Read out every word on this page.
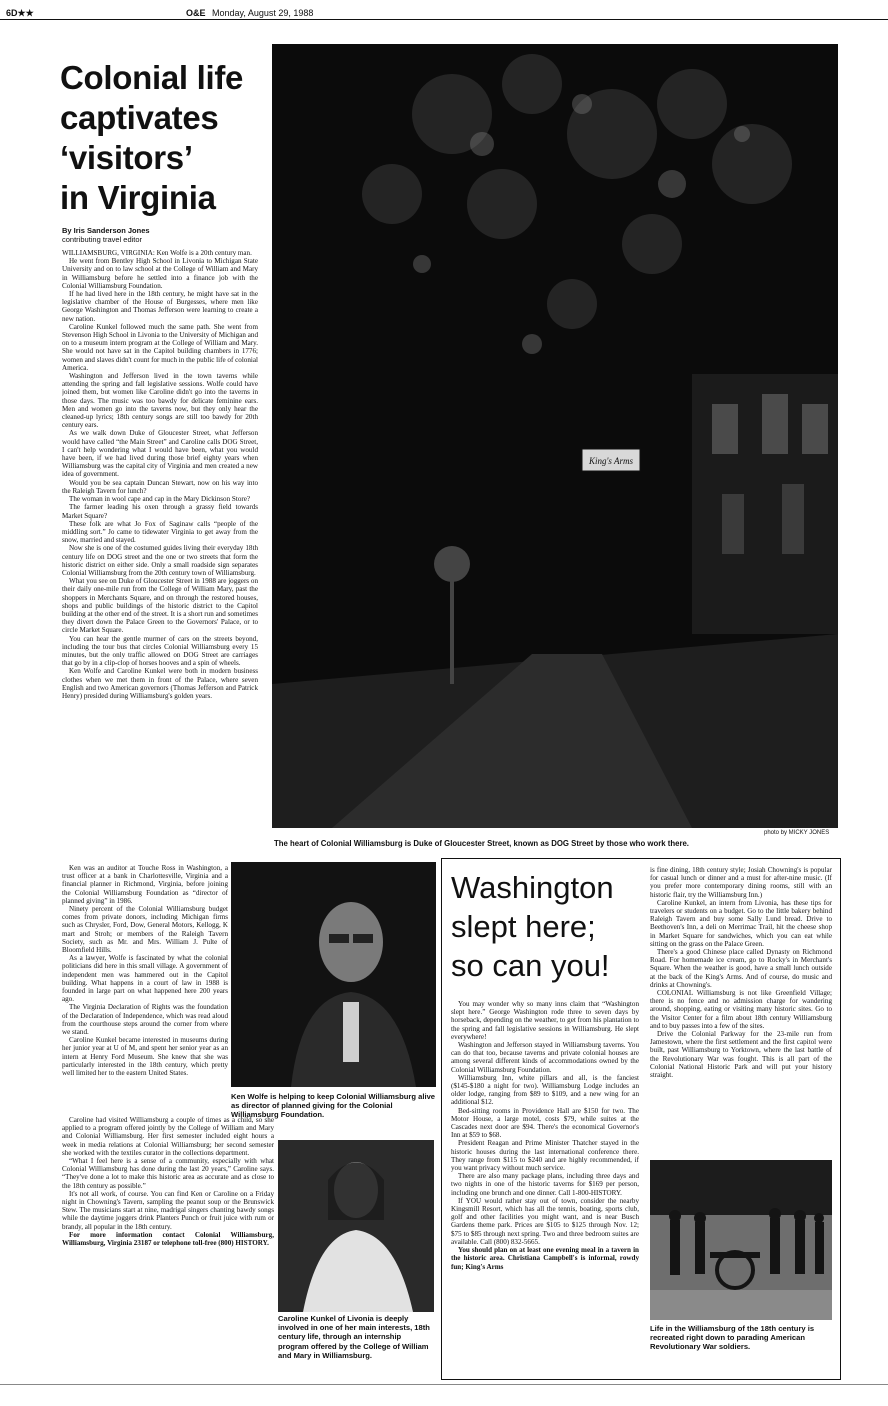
6D★★	O&E Monday, August 29, 1988
Colonial life
captivates
‘visitors’
in Virginia
By Iris Sanderson Jones
contributing travel editor

WILLIAMSBURG, VIRGINIA: Ken Wolfe is a 20th century man.

He went from Bentley High School in Livonia to Michigan State University and on to law school at the College of William and Mary in Williamsburg before he settled into a finance job with the Colonial Williamsburg Foundation.

If he had lived here in the 18th century, he might have sat in the legislative chamber of the House of Burgesses, where men like George Washington and Thomas Jefferson were learning to create a new nation.

Caroline Kunkel followed much the same path. She went from Stevenson High School in Livonia to the University of Michigan and on to a museum intern program at the College of William and Mary. She would not have sat in the Capitol building chambers in 1776; women and slaves didn't count for much in the public life of colonial America.

Washington and Jefferson lived in the town taverns while attending the spring and fall legislative sessions. Wolfe could have joined them, but women like Caroline didn't go into the taverns in those days. The music was too bawdy for delicate feminine ears. Men and women go into the taverns now, but they only hear the cleaned-up lyrics; 18th century songs are still too bawdy for 20th century ears.

As we walk down Duke of Gloucester Street, what Jefferson would have called “the Main Street” and Caroline calls DOG Street, I can't help wondering what I would have been, what you would have been, if we had lived during those brief eighty years when Williamsburg was the capital city of Virginia and men created a new idea of government.

Would you be sea captain Duncan Stewart, now on his way into the Raleigh Tavern for lunch?

The woman in wool cape and cap in the Mary Dickinson Store?

The farmer leading his oxen through a grassy field towards Market Square?

These folk are what Jo Fox of Saginaw calls “people of the middling sort.” Jo came to tidewater Virginia to get away from the snow, married and stayed.

Now she is one of the costumed guides living their everyday 18th century life on DOG street and the one or two streets that form the historic district on either side. Only a small roadside sign separates Colonial Williamsburg from the 20th century town of Williamsburg.

What you see on Duke of Gloucester Street in 1988 are joggers on their daily one-mile run from the College of William Mary, past the shoppers in Merchants Square, and on through the restored houses, shops and public buildings of the historic district to the Capitol building at the other end of the street. It is a short run and sometimes they divert down the Palace Green to the Governors' Palace, or to circle Market Square.

You can hear the gentle murmer of cars on the streets beyond, including the tour bus that circles Colonial Williamsburg every 15 minutes, but the only traffic allowed on DOG Street are carriages that go by in a clip-clop of horses hooves and a spin of wheels.

Ken Wolfe and Caroline Kunkel were both in modern business clothes when we met them in front of the Palace, where seven English and two American governors (Thomas Jefferson and Patrick Henry) presided during Williamsburg's golden years.

Ken was an auditor at Touche Ross in Washington, a trust officer at a bank in Charlottesville, Virginia and a financial planner in Richmond, Virginia, before joining the Colonial Williamsburg Foundation as “director of planned giving” in 1986.

Ninety percent of the Colonial Williamsburg budget comes from private donors, including Michigan firms such as Chrysler, Ford, Dow, General Motors, Kellogg, K mart and Stroh; or members of the Raleigh Tavern Society, such as Mr. and Mrs. William J. Pulte of Bloomfield Hills.

As a lawyer, Wolfe is fascinated by what the colonial politicians did here in this small village. A government of independent men was hammered out in the Capitol building. What happens in a court of law in 1988 is founded in large part on what happened here 200 years ago.

The Virginia Declaration of Rights was the foundation of the Declaration of Independence, which was read aloud from the courthouse steps around the corner from where we stand.

Caroline Kunkel became interested in museums during her junior year at U of M, and spent her senior year as an intern at Henry Ford Museum. She knew that she was particularly interested in the 18th century, which pretty well limited her to the eastern United States.

Caroline had visited Williamsburg a couple of times as a child, so she applied to a program offered jointly by the College of William and Mary and Colonial Williamsburg. Her first semester included eight hours a week in media relations at Colonial Williamsburg; her second semester she worked with the textiles curator in the collections department.

“What I feel here is a sense of a community, especially with what Colonial Williamsburg has done during the last 20 years,” Caroline says. “They've done a lot to make this historic area as accurate and as close to the 18th century as possible.”

It's not all work, of course. You can find Ken or Caroline on a Friday night in Chowning's Tavern, sampling the peanut soup or the Brunswick Stew. The musicians start at nine, madrigal singers chanting bawdy songs while the daytime joggers drink Planters Punch or fruit juice with rum or brandy, all popular in the 18th century.

For more information contact Colonial Williamsburg, Williamsburg, Virginia 23187 or telephone toll-free (800) HISTORY.

King's Arms
photo by MICKY JONES
The heart of Colonial Williamsburg is Duke of Gloucester Street, known as DOG Street by those who work there.
Ken Wolfe is helping to keep Colonial Williamsburg alive as director of planned giving for the Colonial Williamsburg Foundation.
Caroline Kunkel of Livonia is deeply involved in one of her main interests, 18th century life, through an internship program offered by the College of William and Mary in Williamsburg.
Washington
slept here;
so can you!

You may wonder why so many inns claim that “Washington slept here.” George Washington rode three to seven days by horseback, depending on the weather, to get from his plantation to the spring and fall legislative sessions in Williamsburg. He slept everywhere!

Washington and Jefferson stayed in Williamsburg taverns. You can do that too, because taverns and private colonial houses are among several different kinds of accommodations owned by the Colonial Williamsburg Foundation.

Williamsburg Inn, white pillars and all, is the fanciest ($145-$180 a night for two). Williamsburg Lodge includes an older lodge, ranging from $89 to $109, and a new wing for an additional $12.

Bed-sitting rooms in Providence Hall are $150 for two. The Motor House, a large motel, costs $79, while suites at the Cascades next door are $94. There's the economical Governor's Inn at $59 to $68.

President Reagan and Prime Minister Thatcher stayed in the historic houses during the last international conference there. They range from $115 to $240 and are highly recommended, if you want privacy without much service.

There are also many package plans, including three days and two nights in one of the historic taverns for $169 per person, including one brunch and one dinner. Call 1-800-HISTORY.

If YOU would rather stay out of town, consider the nearby Kingsmill Resort, which has all the tennis, boating, sports club, golf and other facilities you might want, and is near Busch Gardens theme park. Prices are $105 to $125 through Nov. 12; $75 to $85 through next spring. Two and three bedroom suites are available. Call (800) 832-5665.

You should plan on at least one evening meal in a tavern in the historic area. Christiana Campbell's is informal, rowdy fun; King's Arms

is fine dining, 18th century style; Josiah Chowning's is popular for casual lunch or dinner and a must for after-nine music. (If you prefer more contemporary dining rooms, still with an historic flair, try the Williamsburg Inn.)

Caroline Kunkel, an intern from Livonia, has these tips for travelers or students on a budget. Go to the little bakery behind Raleigh Tavern and buy some Sally Lund bread. Drive to Beethoven's Inn, a deli on Merrimac Trail, hit the cheese shop in Market Square for sandwiches, which you can eat while sitting on the grass on the Palace Green.

There's a good Chinese place called Dynasty on Richmond Road. For homemade ice cream, go to Rocky's in Merchant's Square. When the weather is good, have a small lunch outside at the back of the King's Arms. And of course, do music and drinks at Chowning's.

COLONIAL Williamsburg is not like Greenfield Village; there is no fence and no admission charge for wandering around, shopping, eating or visiting many historic sites. Go to the Visitor Center for a film about 18th century Williamsburg and to buy passes into a few of the sites.

Drive the Colonial Parkway for the 23-mile run from Jamestown, where the first settlement and the first capitol were built, past Williamsburg to Yorktown, where the last battle of the Revolutionary War was fought. This is all part of the Colonial National Historic Park and will put your history straight.

Life in the Williamsburg of the 18th century is recreated right down to parading American Revolutionary War soldiers.
